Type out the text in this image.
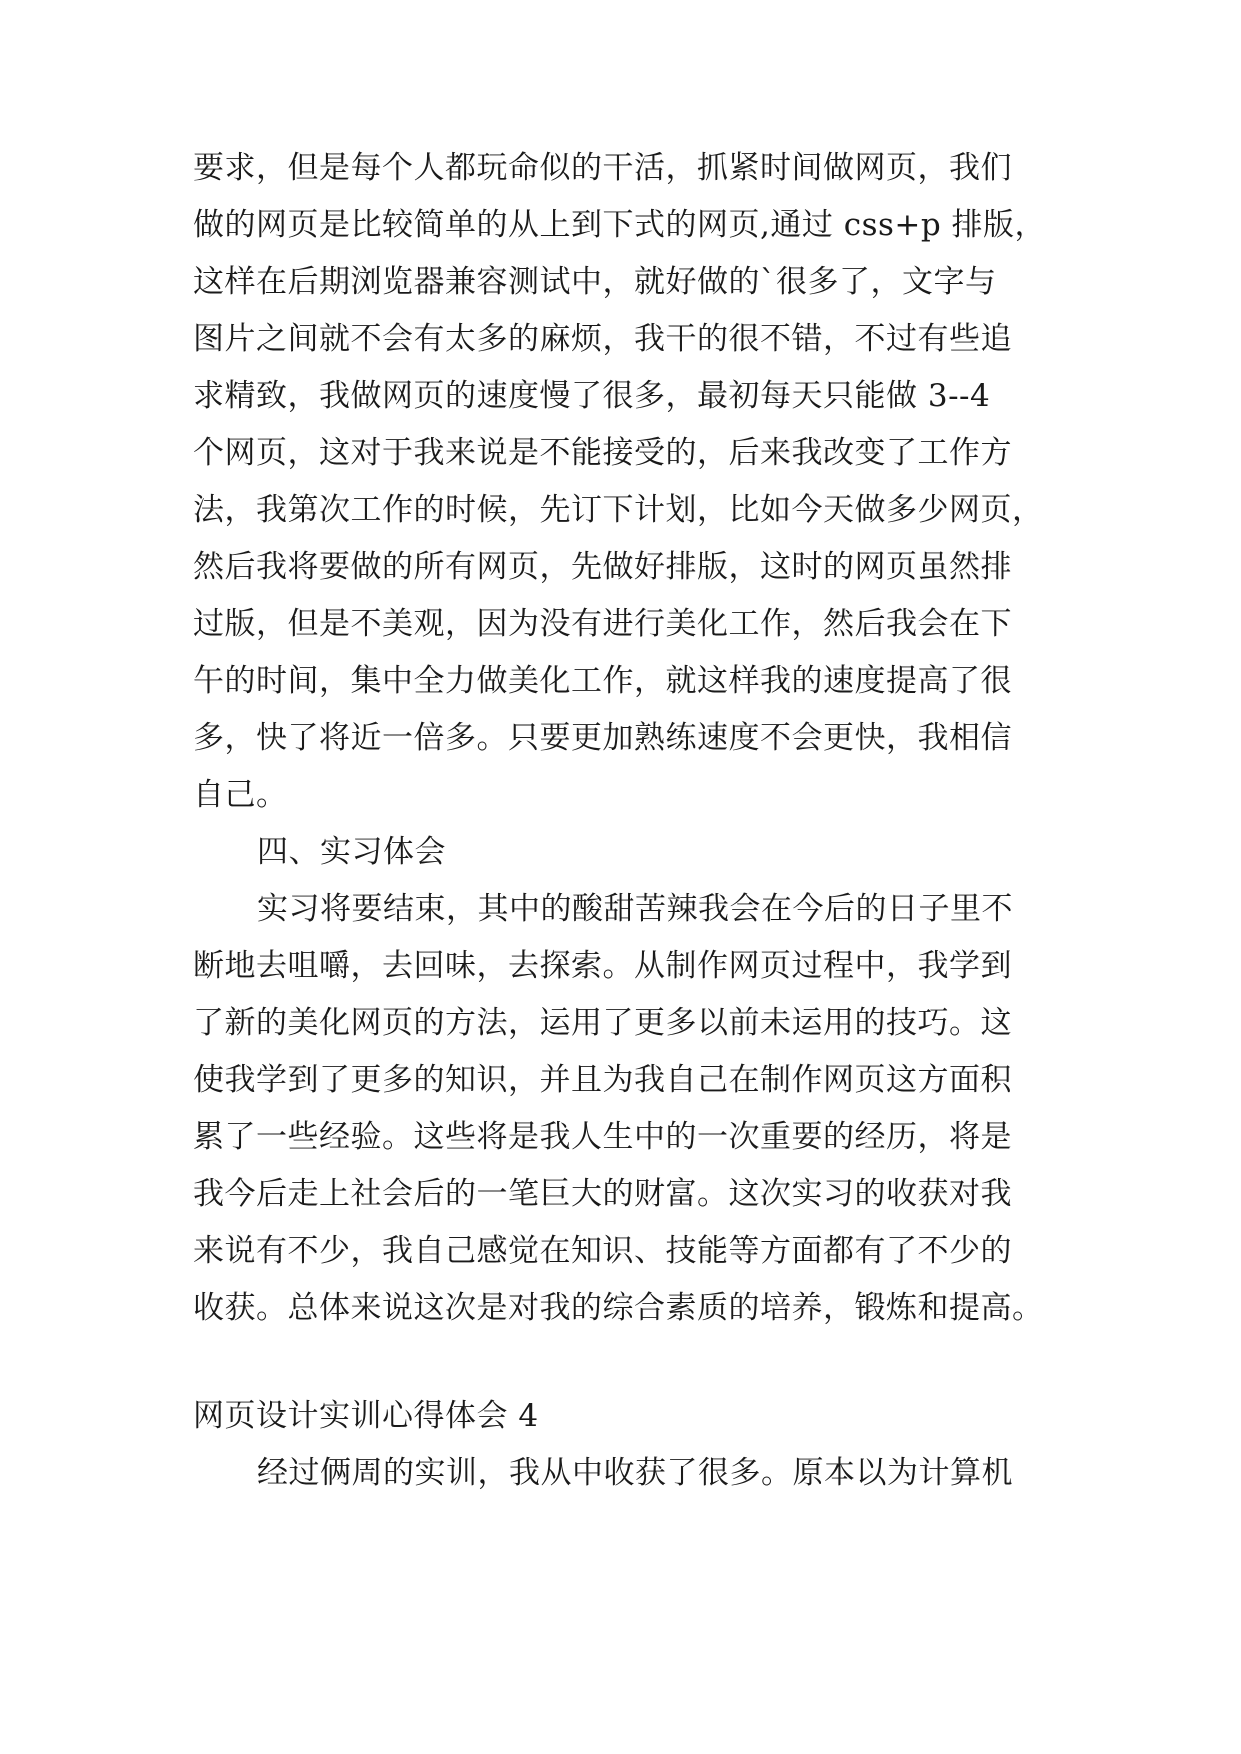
要求，但是每个人都玩命似的干活，抓紧时间做网页，我们
做的网页是比较简单的从上到下式的网页,通过 css+p 排版，
这样在后期浏览器兼容测试中，就好做的`很多了，文字与
图片之间就不会有太多的麻烦，我干的很不错，不过有些追
求精致，我做网页的速度慢了很多，最初每天只能做 3--4
个网页，这对于我来说是不能接受的，后来我改变了工作方
法，我第次工作的时候，先订下计划，比如今天做多少网页，
然后我将要做的所有网页，先做好排版，这时的网页虽然排
过版，但是不美观，因为没有进行美化工作，然后我会在下
午的时间，集中全力做美化工作，就这样我的速度提高了很
多，快了将近一倍多。只要更加熟练速度不会更快，我相信
自己。
四、实习体会
实习将要结束，其中的酸甜苦辣我会在今后的日子里不
断地去咀嚼，去回味，去探索。从制作网页过程中，我学到
了新的美化网页的方法，运用了更多以前未运用的技巧。这
使我学到了更多的知识，并且为我自己在制作网页这方面积
累了一些经验。这些将是我人生中的一次重要的经历，将是
我今后走上社会后的一笔巨大的财富。这次实习的收获对我
来说有不少，我自己感觉在知识、技能等方面都有了不少的
收获。总体来说这次是对我的综合素质的培养，锻炼和提高。
网页设计实训心得体会 4
经过俩周的实训，我从中收获了很多。原本以为计算机
